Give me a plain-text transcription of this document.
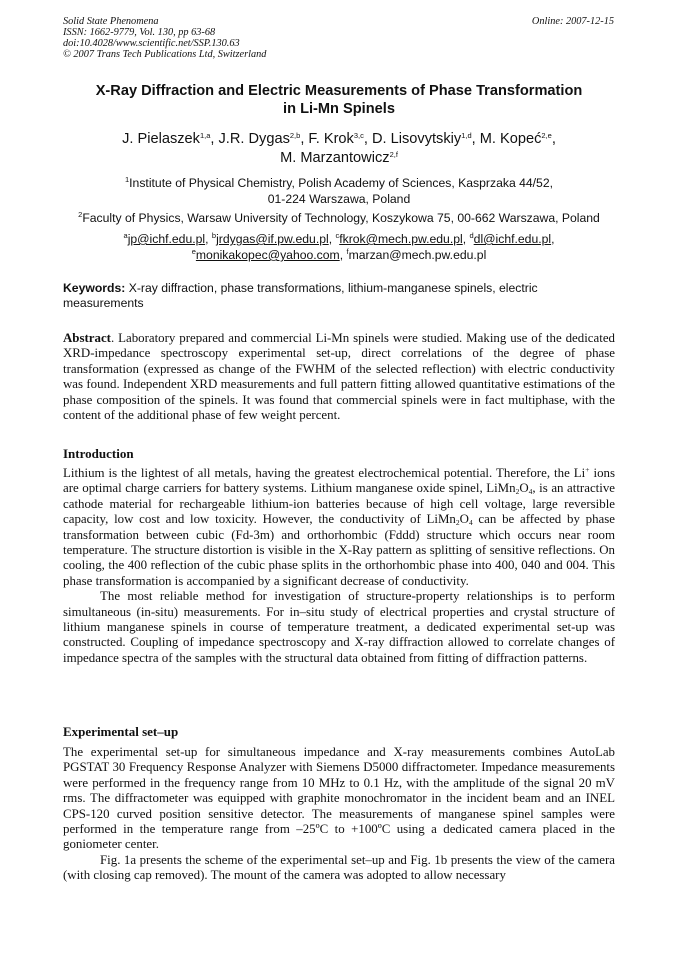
Solid State Phenomena
ISSN: 1662-9779, Vol. 130, pp 63-68
doi:10.4028/www.scientific.net/SSP.130.63
© 2007 Trans Tech Publications Ltd, Switzerland
Online: 2007-12-15
X-Ray Diffraction and Electric Measurements of Phase Transformation
in Li-Mn Spinels
J. Pielaszek$^{1,a}$, J.R. Dygas$^{2,b}$, F. Krok$^{3,c}$, D. Lisovytskiy$^{1,d}$, M. Kopeć$^{2,e}$,
M. Marzantowicz$^{2,f}$
$^1$Institute of Physical Chemistry, Polish Academy of Sciences, Kasprzaka 44/52,
01-224 Warszawa, Poland
$^2$Faculty of Physics, Warsaw University of Technology, Koszykowa 75, 00-662 Warszawa, Poland
$^a$jp@ichf.edu.pl, $^b$jrdygas@if.pw.edu.pl, $^c$fkrok@mech.pw.edu.pl, $^d$dl@ichf.edu.pl,
$^e$monikakopec@yahoo.com, $^f$marzan@mech.pw.edu.pl
Keywords: X-ray diffraction, phase transformations, lithium-manganese spinels, electric measurements
Abstract. Laboratory prepared and commercial Li-Mn spinels were studied. Making use of the dedicated XRD-impedance spectroscopy experimental set-up, direct correlations of the degree of phase transformation (expressed as change of the FWHM of the selected reflection) with electric conductivity was found. Independent XRD measurements and full pattern fitting allowed quantitative estimations of the phase composition of the spinels. It was found that commercial spinels were in fact multiphase, with the content of the additional phase of few weight percent.
Introduction

Lithium is the lightest of all metals, having the greatest electrochemical potential. Therefore, the Li+ ions are optimal charge carriers for battery systems. Lithium manganese oxide spinel, $LiMn_2O_4$, is an attractive cathode material for rechargeable lithium-ion batteries because of high cell voltage, large reversible capacity, low cost and low toxicity. However, the conductivity of $LiMn_2O_4$ can be affected by phase transformation between cubic (Fd-3m) and orthorhombic (Fddd) structure which occurs near room temperature. The structure distortion is visible in the X-Ray pattern as splitting of sensitive reflections. On cooling, the 400 reflection of the cubic phase splits in the orthorhombic phase into 400, 040 and 004. This phase transformation is accompanied by a significant decrease of conductivity.

The most reliable method for investigation of structure-property relationships is to perform simultaneous (in-situ) measurements. For in–situ study of electrical properties and crystal structure of lithium manganese spinels in course of temperature treatment, a dedicated experimental set-up was constructed. Coupling of impedance spectroscopy and X-ray diffraction allowed to correlate changes of impedance spectra of the samples with the structural data obtained from fitting of diffraction patterns.

Experimental set–up

The experimental set-up for simultaneous impedance and X-ray measurements combines AutoLab PGSTAT 30 Frequency Response Analyzer with Siemens D5000 diffractometer. Impedance measurements were performed in the frequency range from 10 MHz to 0.1 Hz, with the amplitude of the signal 20 mV rms. The diffractometer was equipped with graphite monochromator in the incident beam and an INEL CPS-120 curved position sensitive detector. The measurements of manganese spinel samples were performed in the temperature range from –25ºC to +100ºC using a dedicated camera placed in the goniometer center.

Fig. 1a presents the scheme of the experimental set–up and Fig. 1b presents the view of the camera (with closing cap removed). The mount of the camera was adopted to allow necessary
